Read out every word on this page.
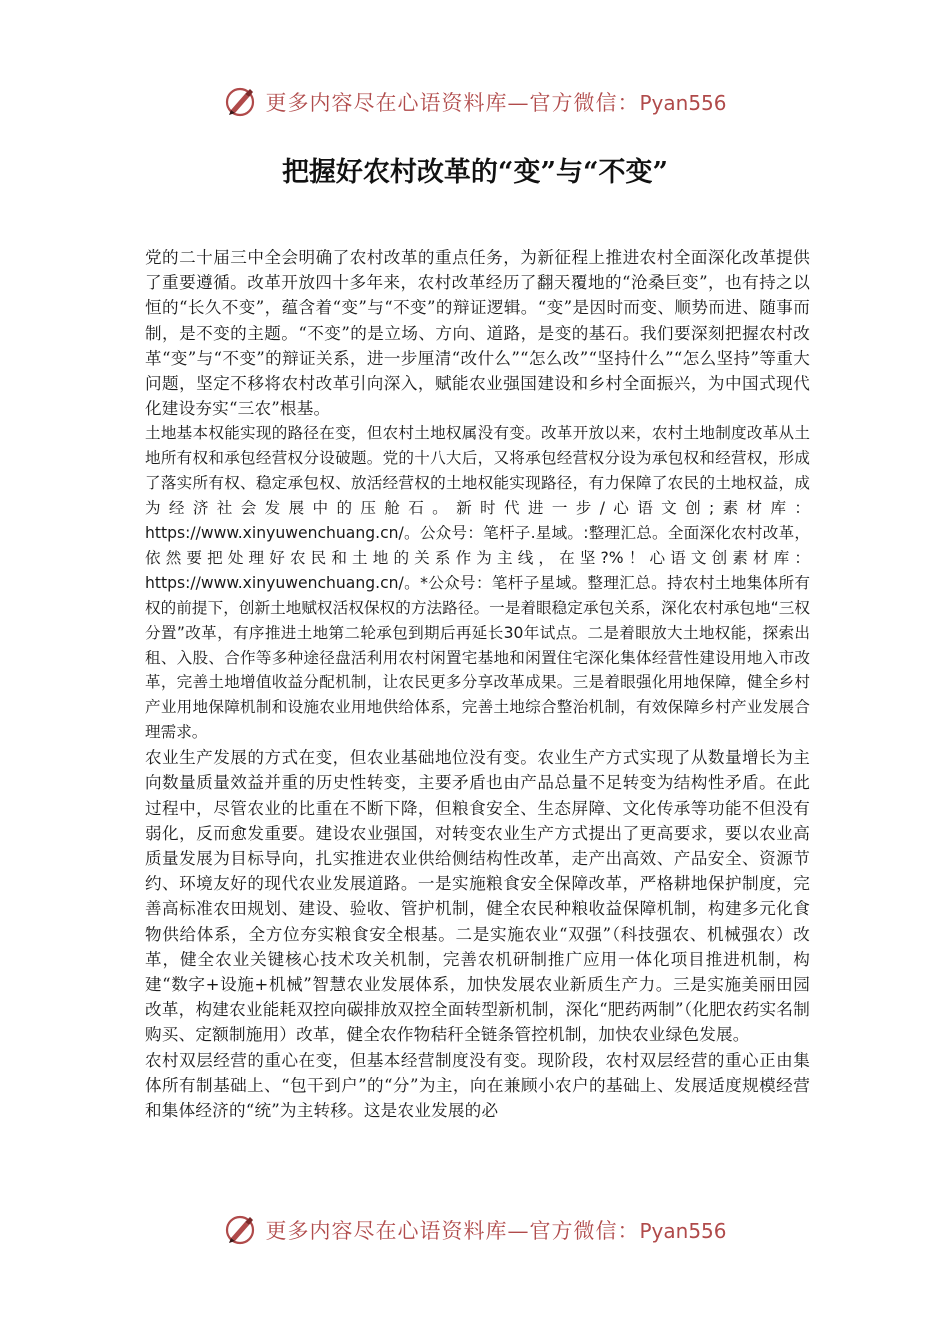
更多内容尽在心语资料库—官方微信：Pyan556
把握好农村改革的“变”与“不变”

党的二十届三中全会明确了农村改革的重点任务，为新征程上推进农村全面深化改革提供了重要遵循。改革开放四十多年来，农村改革经历了翻天覆地的“沧桑巨变”，也有持之以恒的“长久不变”，蕴含着“变”与“不变”的辩证逻辑。“变”是因时而变、顺势而进、随事而制，是不变的主题。“不变”的是立场、方向、道路，是变的基石。我们要深刻把握农村改革“变”与“不变”的辩证关系，进一步厘清“改什么”“怎么改”“坚持什么”“怎么坚持”等重大问题，坚定不移将农村改革引向深入，赋能农业强国建设和乡村全面振兴，为中国式现代化建设夯实“三农”根基。

土地基本权能实现的路径在变，但农村土地权属没有变。改革开放以来，农村土地制度改革从土地所有权和承包经营权分设破题。党的十八大后，又将承包经营权分设为承包权和经营权，形成了落实所有权、稳定承包权、放活经营权的土地权能实现路径，有力保障了农民的土地权益，成为经济社会发展中的压舱石。新时代进一步/心语文创;素材库：https://www.xinyuwenchuang.cn/。公众号：笔杆子.星域。:整理汇总。全面深化农村改革，依然要把处理好农民和土地的关系作为主线，在坚?%！心语文创素材库：https://www.xinyuwenchuang.cn/。*公众号：笔杆子星域。整理汇总。持农村土地集体所有权的前提下，创新土地赋权活权保权的方法路径。一是着眼稳定承包关系，深化农村承包地“三权分置”改革，有序推进土地第二轮承包到期后再延长30年试点。二是着眼放大土地权能，探索出租、入股、合作等多种途径盘活利用农村闲置宅基地和闲置住宅深化集体经营性建设用地入市改革，完善土地增值收益分配机制，让农民更多分享改革成果。三是着眼强化用地保障，健全乡村产业用地保障机制和设施农业用地供给体系，完善土地综合整治机制，有效保障乡村产业发展合理需求。

农业生产发展的方式在变，但农业基础地位没有变。农业生产方式实现了从数量增长为主向数量质量效益并重的历史性转变，主要矛盾也由产品总量不足转变为结构性矛盾。在此过程中，尽管农业的比重在不断下降，但粮食安全、生态屏障、文化传承等功能不但没有弱化，反而愈发重要。建设农业强国，对转变农业生产方式提出了更高要求，要以农业高质量发展为目标导向，扎实推进农业供给侧结构性改革，走产出高效、产品安全、资源节约、环境友好的现代农业发展道路。一是实施粮食安全保障改革，严格耕地保护制度，完善高标准农田规划、建设、验收、管护机制，健全农民种粮收益保障机制，构建多元化食物供给体系，全方位夯实粮食安全根基。二是实施农业“双强”（科技强农、机械强农）改革，健全农业关键核心技术攻关机制，完善农机研制推广应用一体化项目推进机制，构建“数字+设施+机械”智慧农业发展体系，加快发展农业新质生产力。三是实施美丽田园改革，构建农业能耗双控向碳排放双控全面转型新机制，深化“肥药两制”（化肥农药实名制购买、定额制施用）改革，健全农作物秸秆全链条管控机制，加快农业绿色发展。

农村双层经营的重心在变，但基本经营制度没有变。现阶段，农村双层经营的重心正由集体所有制基础上、“包干到户”的“分”为主，向在兼顾小农户的基础上、发展适度规模经营和集体经济的“统”为主转移。这是农业发展的必

更多内容尽在心语资料库—官方微信：Pyan556
